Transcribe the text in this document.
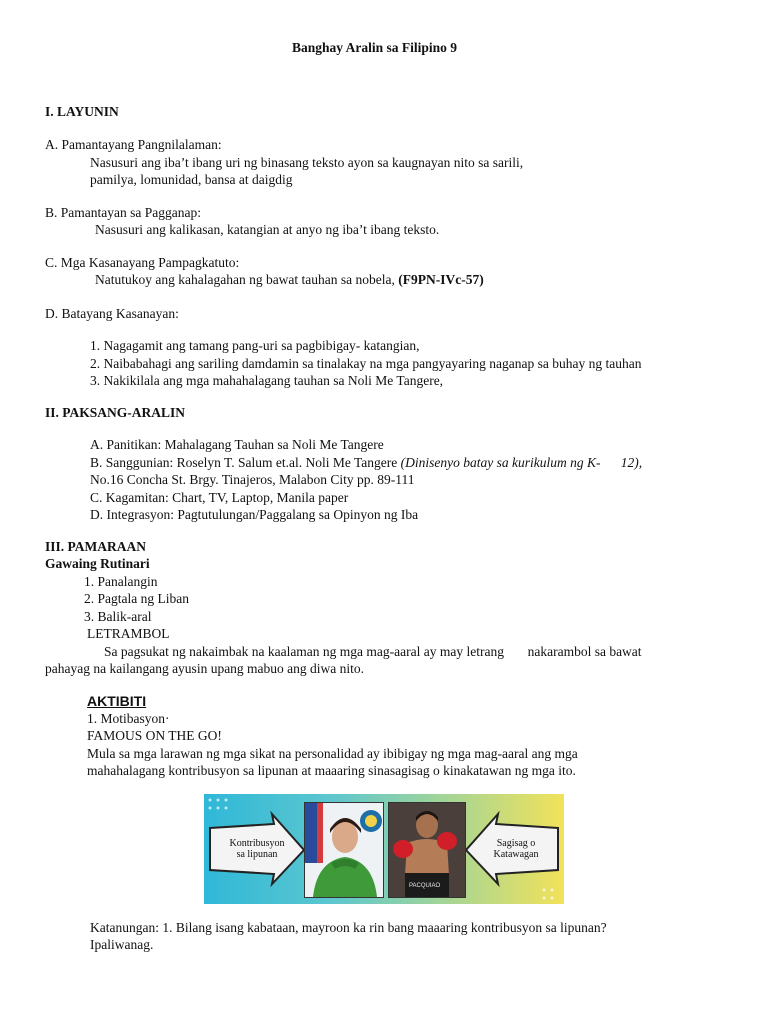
Banghay Aralin sa Filipino 9
I. LAYUNIN
A. Pamantayang Pangnilalaman:
Nasusuri ang iba’t ibang uri ng binasang teksto ayon sa kaugnayan nito sa sarili,
pamilya, lomunidad, bansa at daigdig
B. Pamantayan sa Pagganap:
Nasusuri ang kalikasan, katangian at anyo ng iba’t ibang teksto.
C. Mga Kasanayang Pampagkatuto:
Natutukoy ang kahalagahan ng bawat tauhan sa nobela, (F9PN-IVc-57)
D. Batayang Kasanayan:
1. Nagagamit ang tamang pang-uri sa pagbibigay- katangian,
2. Naibabahagi ang sariling damdamin sa tinalakay na mga pangyayaring naganap sa buhay ng tauhan
3. Nakikilala ang mga mahahalagang tauhan sa Noli Me Tangere,
II. PAKSANG-ARALIN
A. Panitikan: Mahalagang Tauhan sa Noli Me Tangere
B. Sanggunian: Roselyn T. Salum et.al. Noli Me Tangere (Dinisenyo batay sa kurikulum ng K-      12),
No.16 Concha St. Brgy. Tinajeros, Malabon City pp. 89-111
C. Kagamitan: Chart, TV, Laptop, Manila paper
D. Integrasyon: Pagtutulungan/Paggalang sa Opinyon ng Iba
III. PAMARAAN
Gawaing Rutinari
1. Panalangin
2. Pagtala ng Liban
3. Balik-aral
LETRAMBOL
Sa pagsukat ng nakaimbak na kaalaman ng mga mag-aaral ay may letrang       nakarambol sa bawat
pahayag na kailangang ayusin upang mabuo ang diwa nito.
AKTIBITI
1. Motibasyon·
FAMOUS ON THE GO!
Mula sa mga larawan ng mga sikat na personalidad ay ibibigay ng mga mag-aaral ang mga
mahahalagang kontribusyon sa lipunan at maaaring sinasagisag o kinakatawan ng mga ito.
Kontribusyon
sa lipunan
Sagisag o
Katawagan
PACQUIAO
Katanungan: 1. Bilang isang kabataan, mayroon ka rin bang maaaring kontribusyon sa lipunan?
Ipaliwanag.
